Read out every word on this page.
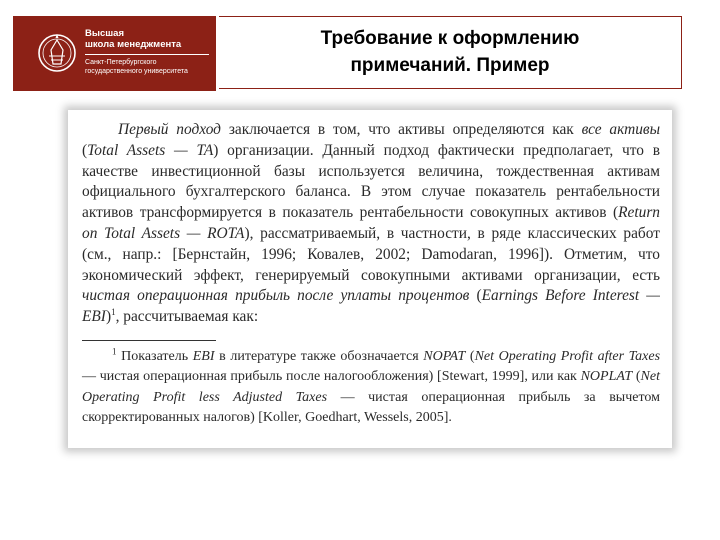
Высшая
школа менеджмента
Санкт-Петербургского
государственного университета
Требование к оформлению
примечаний. Пример

Первый подход заключается в том, что активы определяются как все активы (Total Assets — TA) организации. Данный подход фактически предполагает, что в качестве инвестиционной базы используется величина, тождественная активам официального бухгалтерского баланса. В этом случае показатель рентабельности активов трансформируется в показатель рентабельности совокупных активов (Return on Total Assets — ROTA), рассматриваемый, в частности, в ряде классических работ (см., напр.: [Бернстайн, 1996; Ковалев, 2002; Damodaran, 1996]). Отметим, что экономический эффект, генерируемый совокупными активами организации, есть чистая операционная прибыль после уплаты процентов (Earnings Before Interest — EBI)$^1$, рассчитываемая как:

$^1$ Показатель EBI в литературе также обозначается NOPAT (Net Operating Profit after Taxes — чистая операционная прибыль после налогообложения) [Stewart, 1999], или как NOPLAT (Net Operating Profit less Adjusted Taxes — чистая операционная прибыль за вычетом скорректированных налогов) [Koller, Goedhart, Wessels, 2005].
